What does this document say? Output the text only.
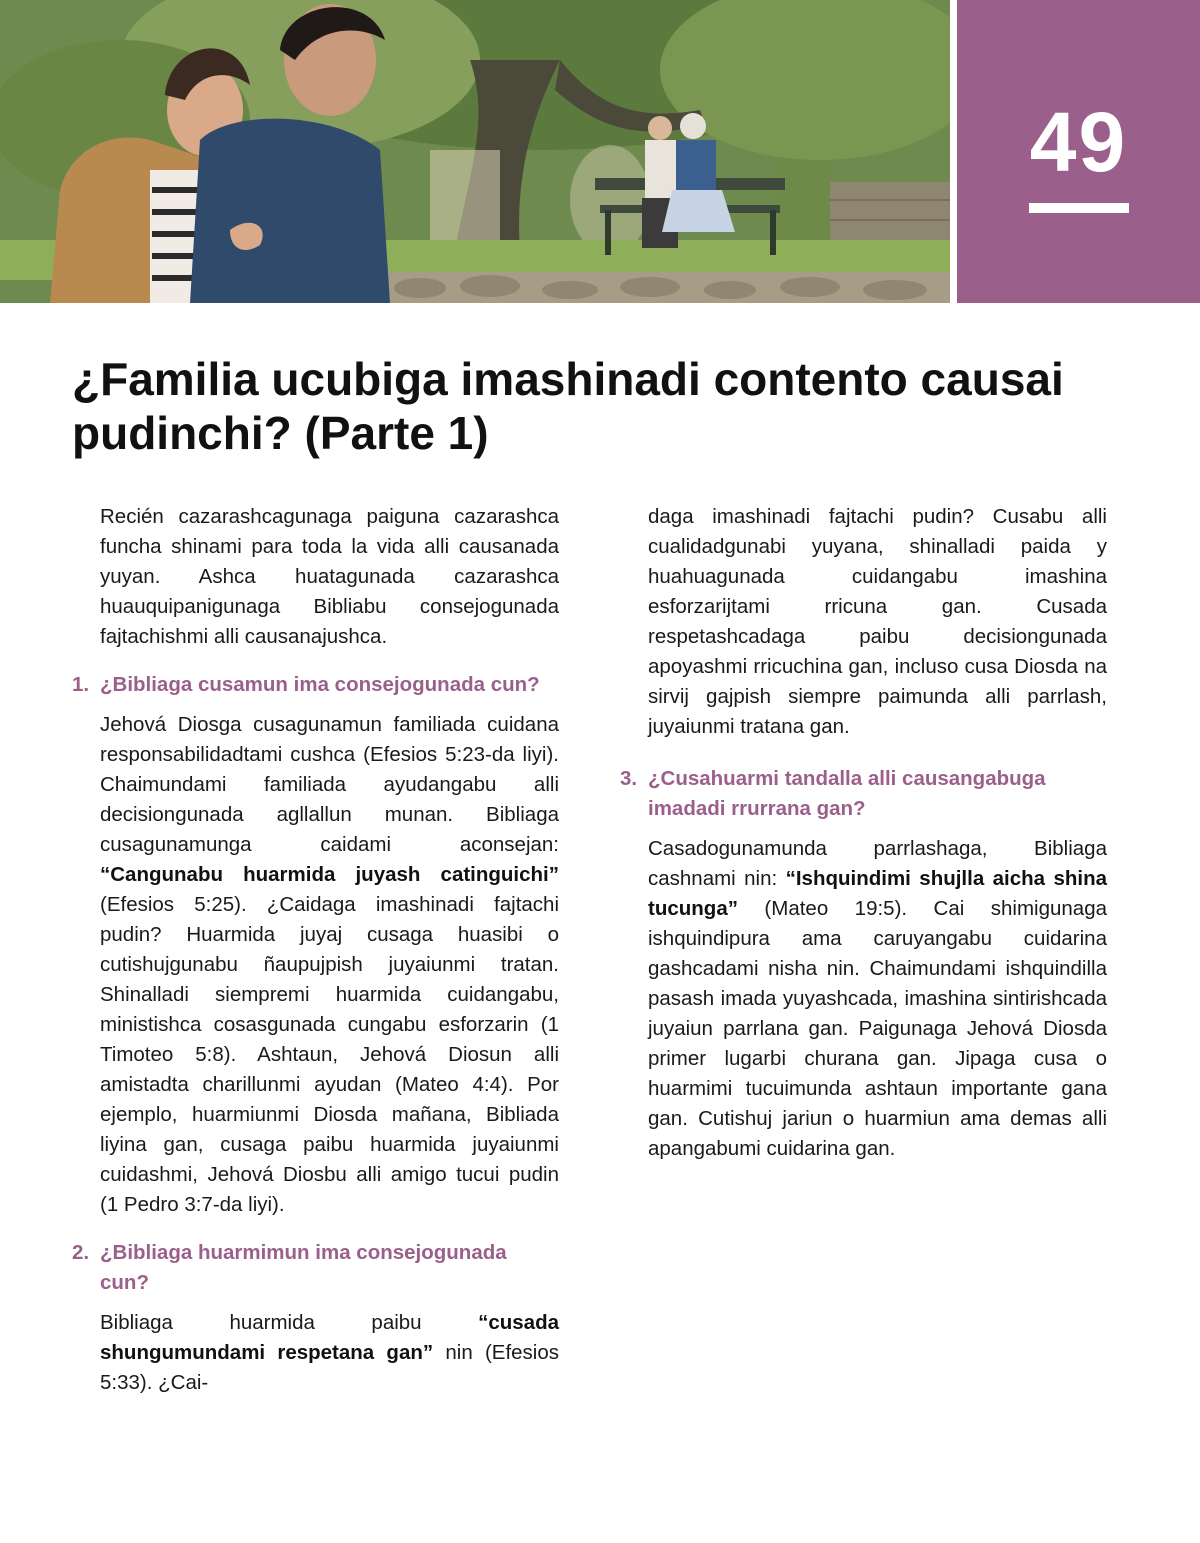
49
¿Familia ucubiga imashinadi contento causai pudinchi? (Parte 1)

Recién cazarashcagunaga paiguna cazarashca funcha shinami para toda la vida alli causanada yuyan. Ashca huatagunada cazarashca huauquipanigunaga Bibliabu consejogunada fajtachishmi alli causanajushca.

1. ¿Bibliaga cusamun ima consejogunada cun?

Jehová Diosga cusagunamun familiada cuidana responsabilidadtami cushca (Efesios 5:23-da liyi). Chaimundami familiada ayudangabu alli decisiongunada agllallun munan. Bibliaga cusagunamunga caidami aconsejan: “Cangunabu huarmida juyash catinguichi” (Efesios 5:25). ¿Caidaga imashinadi fajtachi pudin? Huarmida juyaj cusaga huasibi o cutishujgunabu ñaupujpish juyaiunmi tratan. Shinalladi siempremi huarmida cuidangabu, ministishca cosasgunada cungabu esforzarin (1 Timoteo 5:8). Ashtaun, Jehová Diosun alli amistadta charillunmi ayudan (Mateo 4:4). Por ejemplo, huarmiunmi Diosda mañana, Bibliada liyina gan, cusaga paibu huarmida juyaiunmi cuidashmi, Jehová Diosbu alli amigo tucui pudin (1 Pedro 3:7-da liyi).

2. ¿Bibliaga huarmimun ima consejogunada cun?

Bibliaga huarmida paibu “cusada shungumundami respetana gan” nin (Efesios 5:33). ¿Cai-

daga imashinadi fajtachi pudin? Cusabu alli cualidadgunabi yuyana, shinalladi paida y huahuagunada cuidangabu imashina esforzarijtami rricuna gan. Cusada respetashcadaga paibu decisiongunada apoyashmi rricuchina gan, incluso cusa Diosda na sirvij gajpish siempre paimunda alli parrlash, juyaiunmi tratana gan.

3. ¿Cusahuarmi tandalla alli causangabuga imadadi rrurrana gan?

Casadogunamunda parrlashaga, Bibliaga cashnami nin: “Ishquindimi shujlla aicha shina tucunga” (Mateo 19:5). Cai shimigunaga ishquindipura ama caruyangabu cuidarina gashcadami nisha nin. Chaimundami ishquindilla pasash imada yuyashcada, imashina sintirishcada juyaiun parrlana gan. Paigunaga Jehová Diosda primer lugarbi churana gan. Jipaga cusa o huarmimi tucuimunda ashtaun importante gana gan. Cutishuj jariun o huarmiun ama demas alli apangabumi cuidarina gan.
